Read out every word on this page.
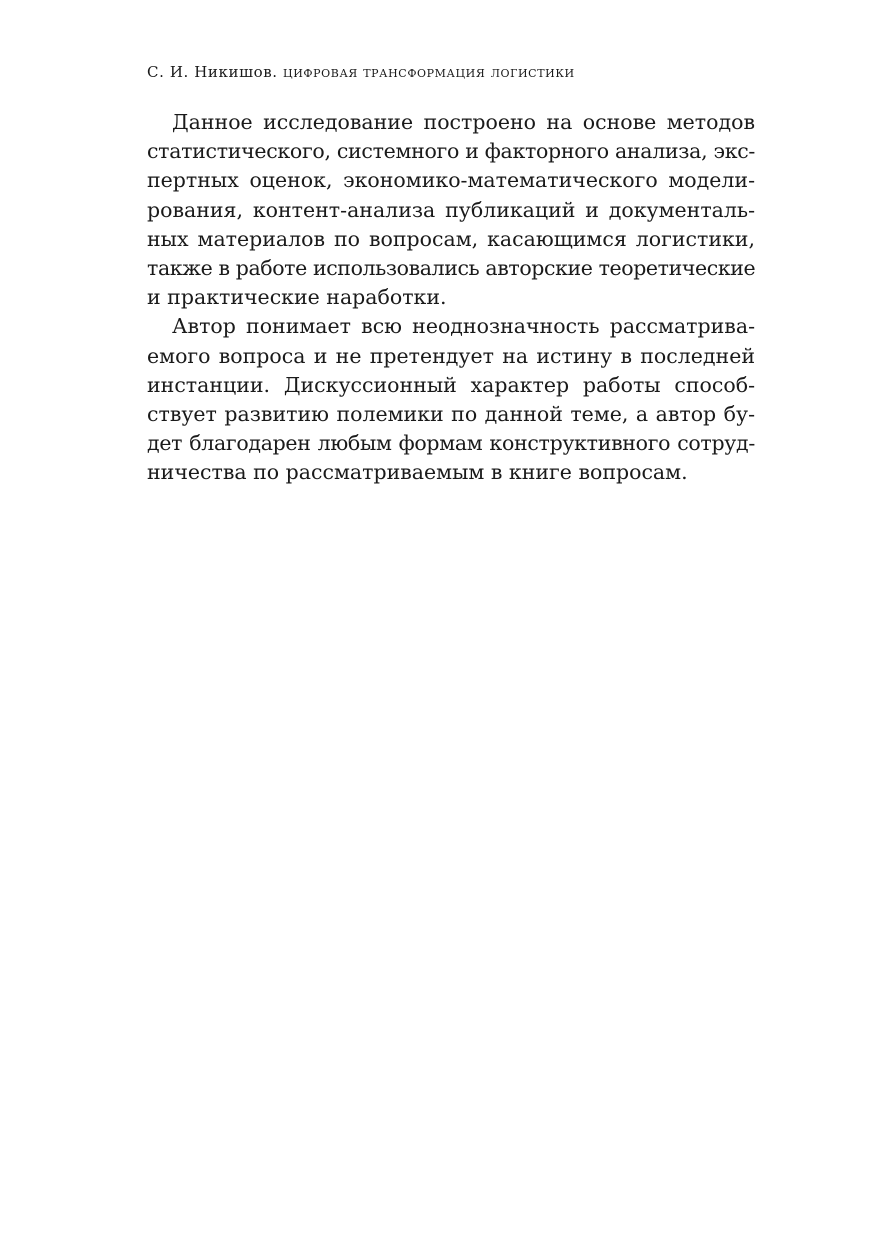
С. И. Никишов. цифровая трансформация логистики
Данное исследование построено на основе методов
статистического, системного и факторного анализа, экс-
пертных оценок, экономико-математического модели-
рования, контент-анализа публикаций и документаль-
ных материалов по вопросам, касающимся логистики,
также в работе использовались авторские теоретические
и практические наработки.
Автор понимает всю неоднозначность рассматрива-
емого вопроса и не претендует на истину в последней
инстанции. Дискуссионный характер работы способ-
ствует развитию полемики по данной теме, а автор бу-
дет благодарен любым формам конструктивного сотруд-
ничества по рассматриваемым в книге вопросам.
